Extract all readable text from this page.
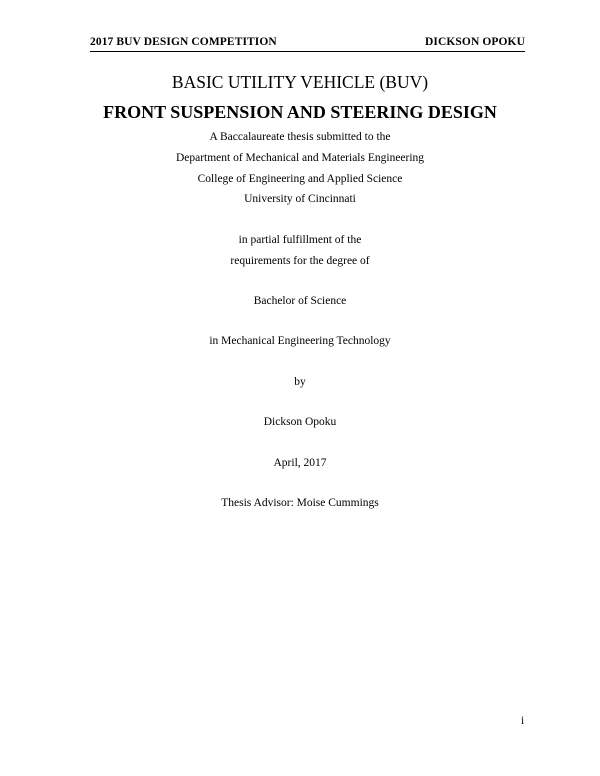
2017 BUV DESIGN COMPETITION	DICKSON OPOKU
BASIC UTILITY VEHICLE (BUV)
FRONT SUSPENSION AND STEERING DESIGN
A Baccalaureate thesis submitted to the
Department of Mechanical and Materials Engineering
College of Engineering and Applied Science
University of Cincinnati
in partial fulfillment of the
requirements for the degree of
Bachelor of Science
in Mechanical Engineering Technology
by
Dickson Opoku
April, 2017
Thesis Advisor: Moise Cummings
i
